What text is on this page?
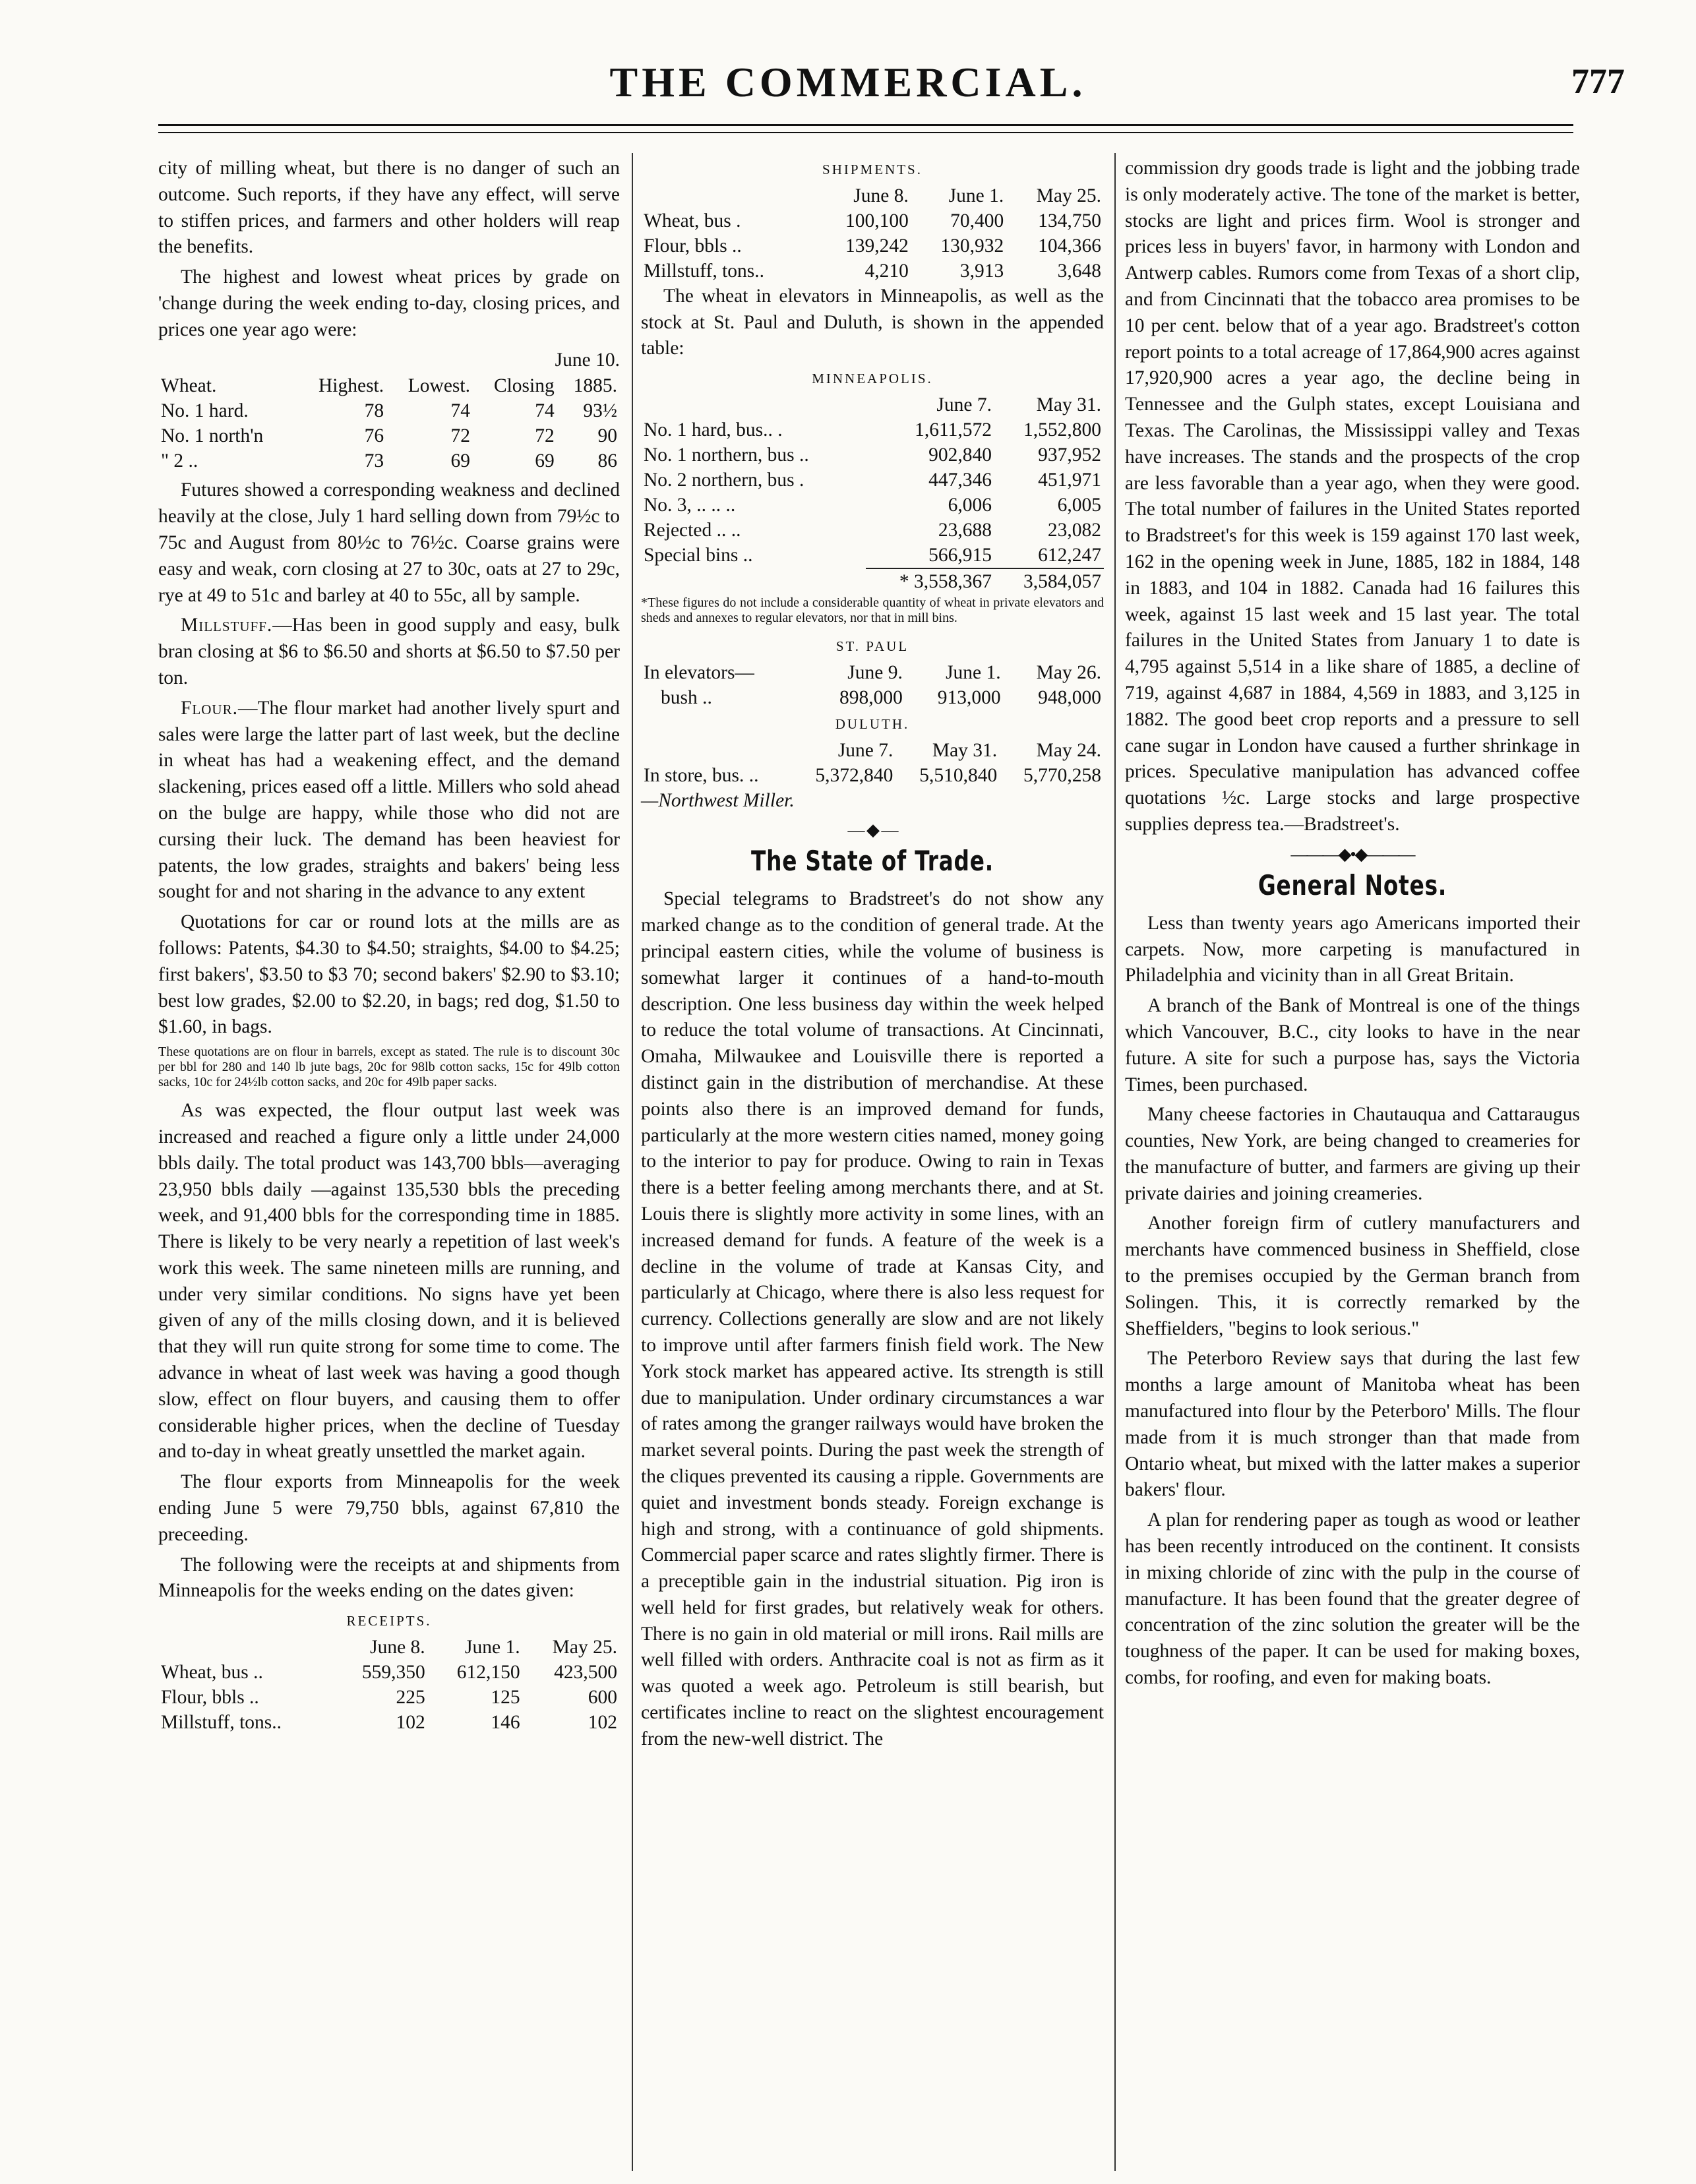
THE COMMERCIAL.	777

city of milling wheat, but there is no danger of such an outcome. Such reports, if they have any effect, will serve to stiffen prices, and farmers and other holders will reap the benefits.

The highest and lowest wheat prices by grade on 'change during the week ending to-day, closing prices, and prices one year ago were:

June 10.
Wheat.	Highest.	Lowest.	Closing	1885.
No. 1 hard.	78	74	74	93½
No. 1 north'n	76	72	72	90
" 2 ..	73	69	69	86

Futures showed a corresponding weakness and declined heavily at the close, July 1 hard selling down from 79½c to 75c and August from 80½c to 76½c. Coarse grains were easy and weak, corn closing at 27 to 30c, oats at 27 to 29c, rye at 49 to 51c and barley at 40 to 55c, all by sample.

Millstuff.—Has been in good supply and easy, bulk bran closing at $6 to $6.50 and shorts at $6.50 to $7.50 per ton.

Flour.—The flour market had another lively spurt and sales were large the latter part of last week, but the decline in wheat has had a weakening effect, and the demand slackening, prices eased off a little. Millers who sold ahead on the bulge are happy, while those who did not are cursing their luck. The demand has been heaviest for patents, the low grades, straights and bakers' being less sought for and not sharing in the advance to any extent

Quotations for car or round lots at the mills are as follows: Patents, $4.30 to $4.50; straights, $4.00 to $4.25; first bakers', $3.50 to $3 70; second bakers' $2.90 to $3.10; best low grades, $2.00 to $2.20, in bags; red dog, $1.50 to $1.60, in bags.

These quotations are on flour in barrels, except as stated. The rule is to discount 30c per bbl for 280 and 140 lb jute bags, 20c for 98lb cotton sacks, 15c for 49lb cotton sacks, 10c for 24½lb cotton sacks, and 20c for 49lb paper sacks.

As was expected, the flour output last week was increased and reached a figure only a little under 24,000 bbls daily. The total product was 143,700 bbls—averaging 23,950 bbls daily —against 135,530 bbls the preceding week, and 91,400 bbls for the corresponding time in 1885. There is likely to be very nearly a repetition of last week's work this week. The same nineteen mills are running, and under very similar conditions. No signs have yet been given of any of the mills closing down, and it is believed that they will run quite strong for some time to come. The advance in wheat of last week was having a good though slow, effect on flour buyers, and causing them to offer considerable higher prices, when the decline of Tuesday and to-day in wheat greatly unsettled the market again.

The flour exports from Minneapolis for the week ending June 5 were 79,750 bbls, against 67,810 the preceeding.

The following were the receipts at and shipments from Minneapolis for the weeks ending on the dates given:

RECEIPTS.
	June 8.	June 1.	May 25.
Wheat, bus ..	559,350	612,150	423,500
Flour, bbls ..	225	125	600
Millstuff, tons..	102	146	102
SHIPMENTS.
	June 8.	June 1.	May 25.
Wheat, bus .	100,100	70,400	134,750
Flour, bbls ..	139,242	130,932	104,366
Millstuff, tons..	4,210	3,913	3,648

The wheat in elevators in Minneapolis, as well as the stock at St. Paul and Duluth, is shown in the appended table:

MINNEAPOLIS.
	June 7.	May 31.
No. 1 hard, bus.. .	1,611,572	1,552,800
No. 1 northern, bus ..	902,840	937,952
No. 2 northern, bus .	447,346	451,971
No. 3, .. .. ..	6,006	6,005
Rejected .. ..	23,688	23,082
Special bins ..	566,915	612,247
	* 3,558,367	3,584,057
*These figures do not include a considerable quantity of wheat in private elevators and sheds and annexes to regular elevators, nor that in mill bins.
ST. PAUL
In elevators—	June 9.	June 1.	May 26.
bush ..	898,000	913,000	948,000
DULUTH.
	June 7.	May 31.	May 24.
In store, bus. ..	5,372,840	5,510,840	5,770,258
—Northwest Miller.
— ◆ —
The State of Trade.

Special telegrams to Bradstreet's do not show any marked change as to the condition of general trade. At the principal eastern cities, while the volume of business is somewhat larger it continues of a hand-to-mouth description. One less business day within the week helped to reduce the total volume of transactions. At Cincinnati, Omaha, Milwaukee and Louisville there is reported a distinct gain in the distribution of merchandise. At these points also there is an improved demand for funds, particularly at the more western cities named, money going to the interior to pay for produce. Owing to rain in Texas there is a better feeling among merchants there, and at St. Louis there is slightly more activity in some lines, with an increased demand for funds. A feature of the week is a decline in the volume of trade at Kansas City, and particularly at Chicago, where there is also less request for currency. Collections generally are slow and are not likely to improve until after farmers finish field work. The New York stock market has appeared active. Its strength is still due to manipulation. Under ordinary circumstances a war of rates among the granger railways would have broken the market several points. During the past week the strength of the cliques prevented its causing a ripple. Governments are quiet and investment bonds steady. Foreign exchange is high and strong, with a continuance of gold shipments. Commercial paper scarce and rates slightly firmer. There is a preceptible gain in the industrial situation. Pig iron is well held for first grades, but relatively weak for others. There is no gain in old material or mill irons. Rail mills are well filled with orders. Anthracite coal is not as firm as it was quoted a week ago. Petroleum is still bearish, but certificates incline to react on the slightest encouragement from the new-well district. The

commission dry goods trade is light and the jobbing trade is only moderately active. The tone of the market is better, stocks are light and prices firm. Wool is stronger and prices less in buyers' favor, in harmony with London and Antwerp cables. Rumors come from Texas of a short clip, and from Cincinnati that the tobacco area promises to be 10 per cent. below that of a year ago. Bradstreet's cotton report points to a total acreage of 17,864,900 acres against 17,920,900 acres a year ago, the decline being in Tennessee and the Gulph states, except Louisiana and Texas. The Carolinas, the Mississippi valley and Texas have increases. The stands and the prospects of the crop are less favorable than a year ago, when they were good. The total number of failures in the United States reported to Bradstreet's for this week is 159 against 170 last week, 162 in the opening week in June, 1885, 182 in 1884, 148 in 1883, and 104 in 1882. Canada had 16 failures this week, against 15 last week and 15 last year. The total failures in the United States from January 1 to date is 4,795 against 5,514 in a like share of 1885, a decline of 719, against 4,687 in 1884, 4,569 in 1883, and 3,125 in 1882. The good beet crop reports and a pressure to sell cane sugar in London have caused a further shrinkage in prices. Speculative manipulation has advanced coffee quotations ½c. Large stocks and large prospective supplies depress tea.—Bradstreet's.

———◆•◆———
General Notes.

Less than twenty years ago Americans imported their carpets. Now, more carpeting is manufactured in Philadelphia and vicinity than in all Great Britain.

A branch of the Bank of Montreal is one of the things which Vancouver, B.C., city looks to have in the near future. A site for such a purpose has, says the Victoria Times, been purchased.

Many cheese factories in Chautauqua and Cattaraugus counties, New York, are being changed to creameries for the manufacture of butter, and farmers are giving up their private dairies and joining creameries.

Another foreign firm of cutlery manufacturers and merchants have commenced business in Sheffield, close to the premises occupied by the German branch from Solingen. This, it is correctly remarked by the Sheffielders, "begins to look serious."

The Peterboro Review says that during the last few months a large amount of Manitoba wheat has been manufactured into flour by the Peterboro' Mills. The flour made from it is much stronger than that made from Ontario wheat, but mixed with the latter makes a superior bakers' flour.

A plan for rendering paper as tough as wood or leather has been recently introduced on the continent. It consists in mixing chloride of zinc with the pulp in the course of manufacture. It has been found that the greater degree of concentration of the zinc solution the greater will be the toughness of the paper. It can be used for making boxes, combs, for roofing, and even for making boats.
